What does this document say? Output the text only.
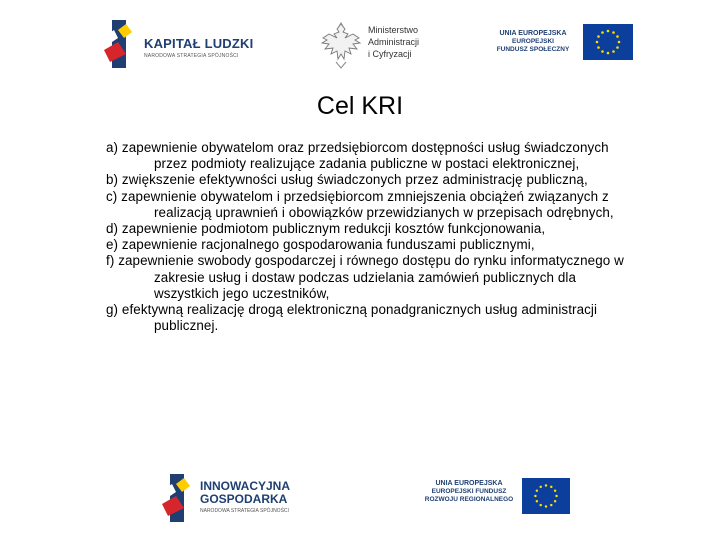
KAPITAŁ LUDZKI
NARODOWA STRATEGIA SPÓJNOŚCI
Ministerstwo
Administracji
i Cyfryzacji
UNIA EUROPEJSKA
EUROPEJSKI
FUNDUSZ SPOŁECZNY
Cel KRI
a) zapewnienie obywatelom oraz przedsiębiorcom dostępności usług świadczonych przez podmioty realizujące zadania publiczne w postaci elektronicznej,
b) zwiększenie efektywności usług świadczonych przez administrację publiczną,
c) zapewnienie obywatelom i przedsiębiorcom zmniejszenia obciążeń związanych z realizacją uprawnień i obowiązków przewidzianych w przepisach odrębnych,
d) zapewnienie podmiotom publicznym redukcji kosztów funkcjonowania,
e) zapewnienie racjonalnego gospodarowania funduszami publicznymi,
f) zapewnienie swobody gospodarczej i równego dostępu do rynku informatycznego w zakresie usług i dostaw podczas udzielania zamówień publicznych dla wszystkich jego uczestników,
g) efektywną realizację drogą elektroniczną ponadgranicznych usług administracji publicznej.
INNOWACYJNA
GOSPODARKA
NARODOWA STRATEGIA SPÓJNOŚCI
UNIA EUROPEJSKA
EUROPEJSKI FUNDUSZ
ROZWOJU REGIONALNEGO
